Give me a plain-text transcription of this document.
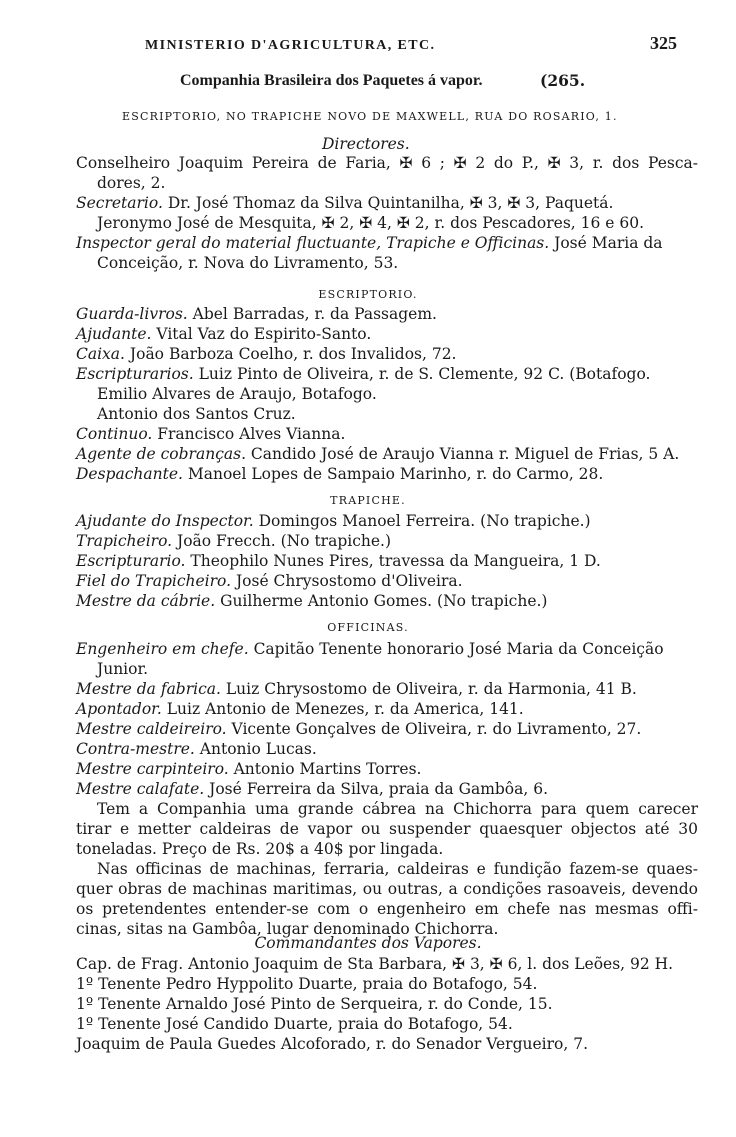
MINISTERIO D'AGRICULTURA, ETC.	325
Companhia Brasileira dos Paquetes á vapor.	(265.
ESCRIPTORIO, NO TRAPICHE NOVO DE MAXWELL, RUA DO ROSARIO, 1.
Directores.
Conselheiro Joaquim Pereira de Faria, ✠ 6 ; ✠ 2 do P., ✠ 3, r. dos Pesca-
dores, 2.
Secretario. Dr. José Thomaz da Silva Quintanilha, ✠ 3, ✠ 3, Paquetá.
Jeronymo José de Mesquita, ✠ 2, ✠ 4, ✠ 2, r. dos Pescadores, 16 e 60.
Inspector geral do material fluctuante, Trapiche e Officinas. José Maria da
Conceição, r. Nova do Livramento, 53.
ESCRIPTORIO.
Guarda-livros. Abel Barradas, r. da Passagem.
Ajudante. Vital Vaz do Espirito-Santo.
Caixa. João Barboza Coelho, r. dos Invalidos, 72.
Escripturarios. Luiz Pinto de Oliveira, r. de S. Clemente, 92 C. (Botafogo.
Emilio Alvares de Araujo, Botafogo.
Antonio dos Santos Cruz.
Continuo. Francisco Alves Vianna.
Agente de cobranças. Candido José de Araujo Vianna r. Miguel de Frias, 5 A.
Despachante. Manoel Lopes de Sampaio Marinho, r. do Carmo, 28.
TRAPICHE.
Ajudante do Inspector. Domingos Manoel Ferreira. (No trapiche.)
Trapicheiro. João Frecch. (No trapiche.)
Escripturario. Theophilo Nunes Pires, travessa da Mangueira, 1 D.
Fiel do Trapicheiro. José Chrysostomo d'Oliveira.
Mestre da cábrie. Guilherme Antonio Gomes. (No trapiche.)
OFFICINAS.
Engenheiro em chefe. Capitão Tenente honorario José Maria da Conceição
Junior.
Mestre da fabrica. Luiz Chrysostomo de Oliveira, r. da Harmonia, 41 B.
Apontador. Luiz Antonio de Menezes, r. da America, 141.
Mestre caldeireiro. Vicente Gonçalves de Oliveira, r. do Livramento, 27.
Contra-mestre. Antonio Lucas.
Mestre carpinteiro. Antonio Martins Torres.
Mestre calafate. José Ferreira da Silva, praia da Gambôa, 6.
Tem a Companhia uma grande cábrea na Chichorra para quem carecer
tirar e metter caldeiras de vapor ou suspender quaesquer objectos até 30
toneladas. Preço de Rs. 20$ a 40$ por lingada.
Nas officinas de machinas, ferraria, caldeiras e fundição fazem-se quaes-
quer obras de machinas maritimas, ou outras, a condições rasoaveis, devendo
os pretendentes entender-se com o engenheiro em chefe nas mesmas offi-
cinas, sitas na Gambôa, lugar denominado Chichorra.
Commandantes dos Vapores.
Cap. de Frag. Antonio Joaquim de Sta Barbara, ✠ 3, ✠ 6, l. dos Leões, 92 H.
1º Tenente Pedro Hyppolito Duarte, praia do Botafogo, 54.
1º Tenente Arnaldo José Pinto de Serqueira, r. do Conde, 15.
1º Tenente José Candido Duarte, praia do Botafogo, 54.
Joaquim de Paula Guedes Alcoforado, r. do Senador Vergueiro, 7.
